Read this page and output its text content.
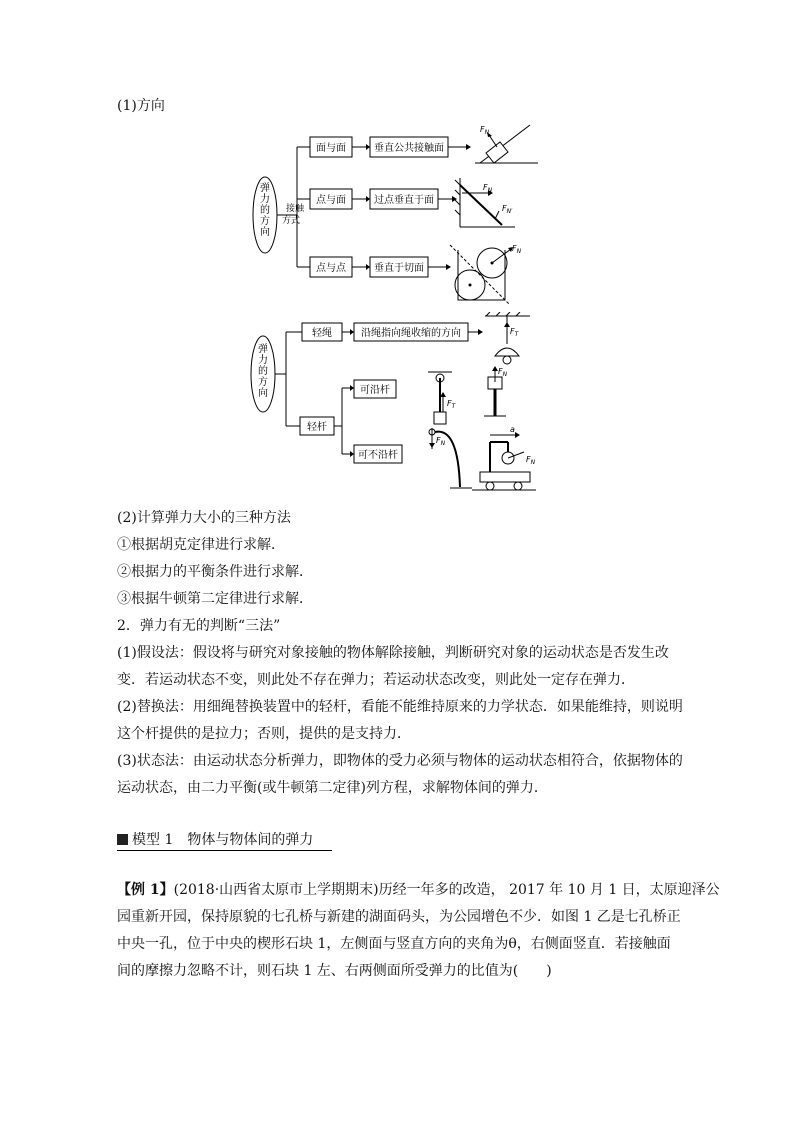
(1)方向
弹力的方向
接触方式
面与面
点与面
点与点
垂直公共接触面
过点垂直于面
垂直于切面
$F_N$
$F_N$
$F_{N'}$
$F_N$
弹力的方向
轻绳	沿绳指向绳收缩的方向
轻杆
可沿杆
可不沿杆
$F_T$
$F_T$
$F_N$
$F_N$
a
$F_N$
(2)计算弹力大小的三种方法
①根据胡克定律进行求解．
②根据力的平衡条件进行求解．
③根据牛顿第二定律进行求解．
2．弹力有无的判断“三法”
(1)假设法：假设将与研究对象接触的物体解除接触，判断研究对象的运动状态是否发生改
变．若运动状态不变，则此处不存在弹力；若运动状态改变，则此处一定存在弹力．
(2)替换法：用细绳替换装置中的轻杆，看能不能维持原来的力学状态．如果能维持，则说明
这个杆提供的是拉力；否则，提供的是支持力．
(3)状态法：由运动状态分析弹力，即物体的受力必须与物体的运动状态相符合，依据物体的
运动状态，由二力平衡(或牛顿第二定律)列方程，求解物体间的弹力．
模型 1　物体与物体间的弹力
【例 1】(2018·山西省太原市上学期期末)历经一年多的改造， 2017 年 10 月 1 日，太原迎泽公
园重新开园，保持原貌的七孔桥与新建的湖面码头，为公园增色不少．如图 1 乙是七孔桥正
中央一孔，位于中央的楔形石块 1，左侧面与竖直方向的夹角为θ，右侧面竖直．若接触面
间的摩擦力忽略不计，则石块 1 左、右两侧面所受弹力的比值为(　　)
